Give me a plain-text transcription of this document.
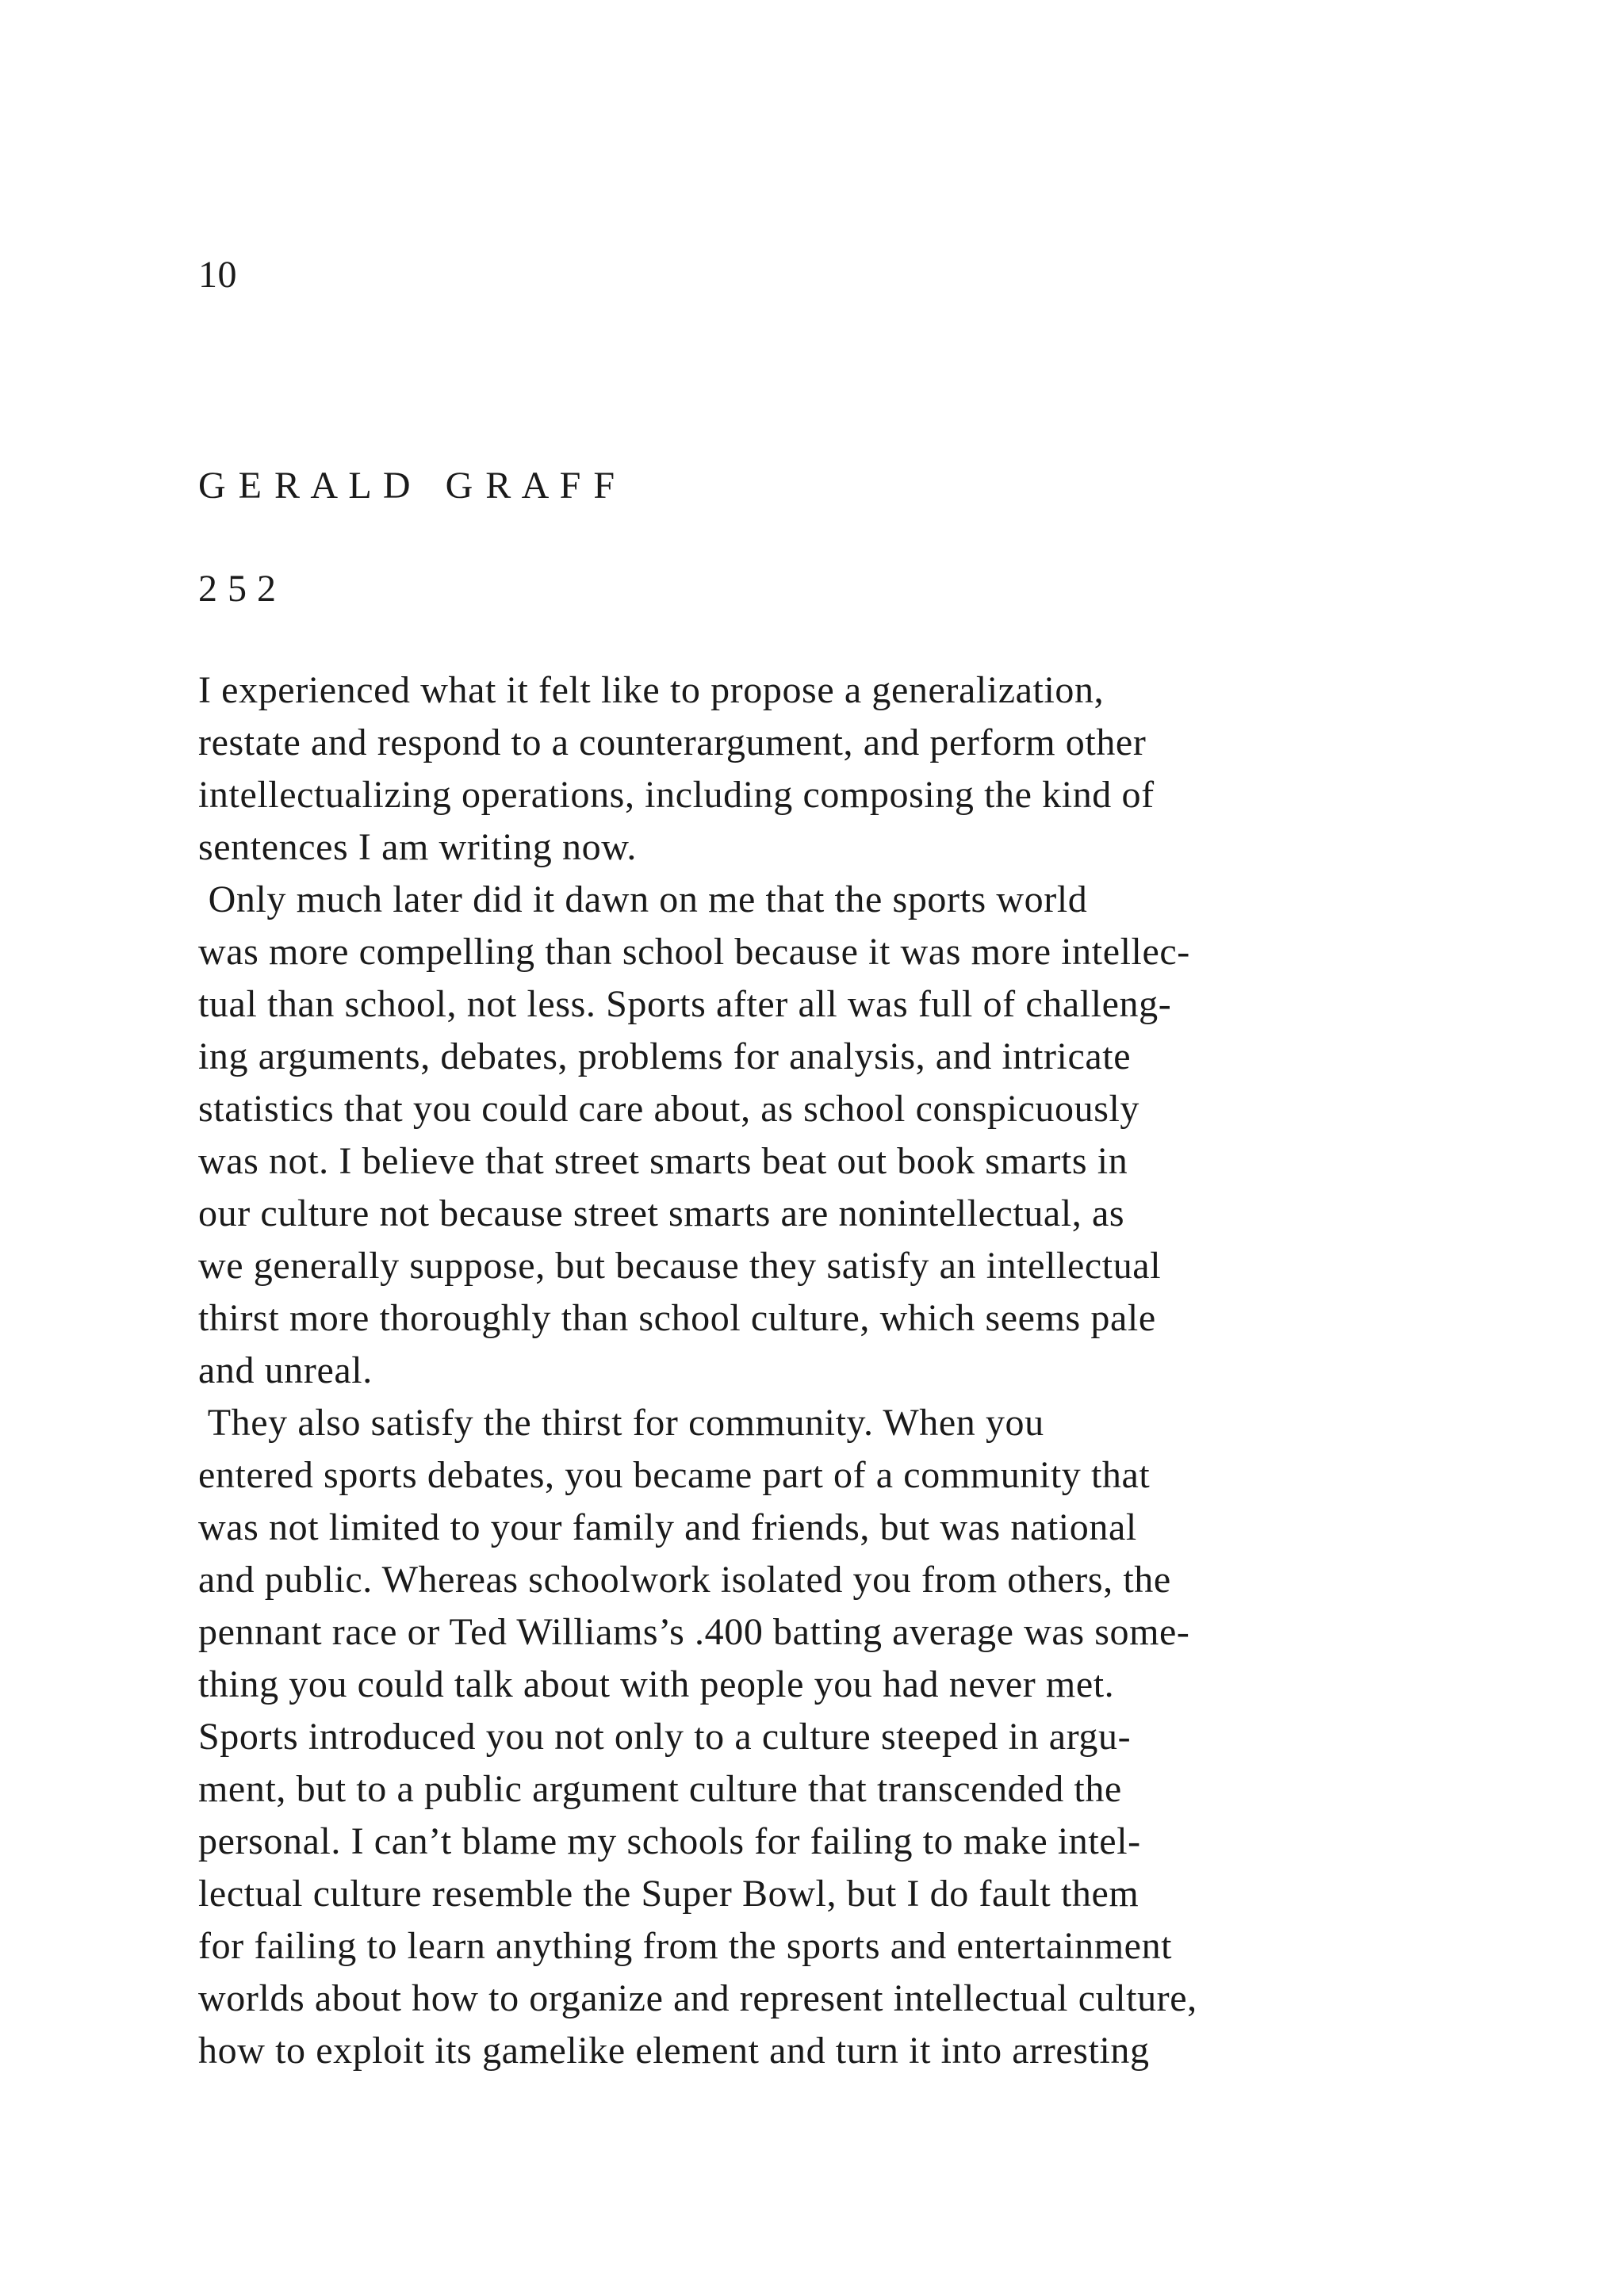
10
G E R A L D   G R A F F
2 5 2
I experienced what it felt like to propose a generalization,
restate and respond to a counterargument, and perform other
intellectualizing operations, including composing the kind of
sentences I am writing now.
Only much later did it dawn on me that the sports world
was more compelling than school because it was more intellec-
tual than school, not less. Sports after all was full of challeng-
ing arguments, debates, problems for analysis, and intricate
statistics that you could care about, as school conspicuously
was not. I believe that street smarts beat out book smarts in
our culture not because street smarts are nonintellectual, as
we generally suppose, but because they satisfy an intellectual
thirst more thoroughly than school culture, which seems pale
and unreal.
They also satisfy the thirst for community. When you
entered sports debates, you became part of a community that
was not limited to your family and friends, but was national
and public. Whereas schoolwork isolated you from others, the
pennant race or Ted Williams’s .400 batting average was some-
thing you could talk about with people you had never met.
Sports introduced you not only to a culture steeped in argu-
ment, but to a public argument culture that transcended the
personal. I can’t blame my schools for failing to make intel-
lectual culture resemble the Super Bowl, but I do fault them
for failing to learn anything from the sports and entertainment
worlds about how to organize and represent intellectual culture,
how to exploit its gamelike element and turn it into arresting
